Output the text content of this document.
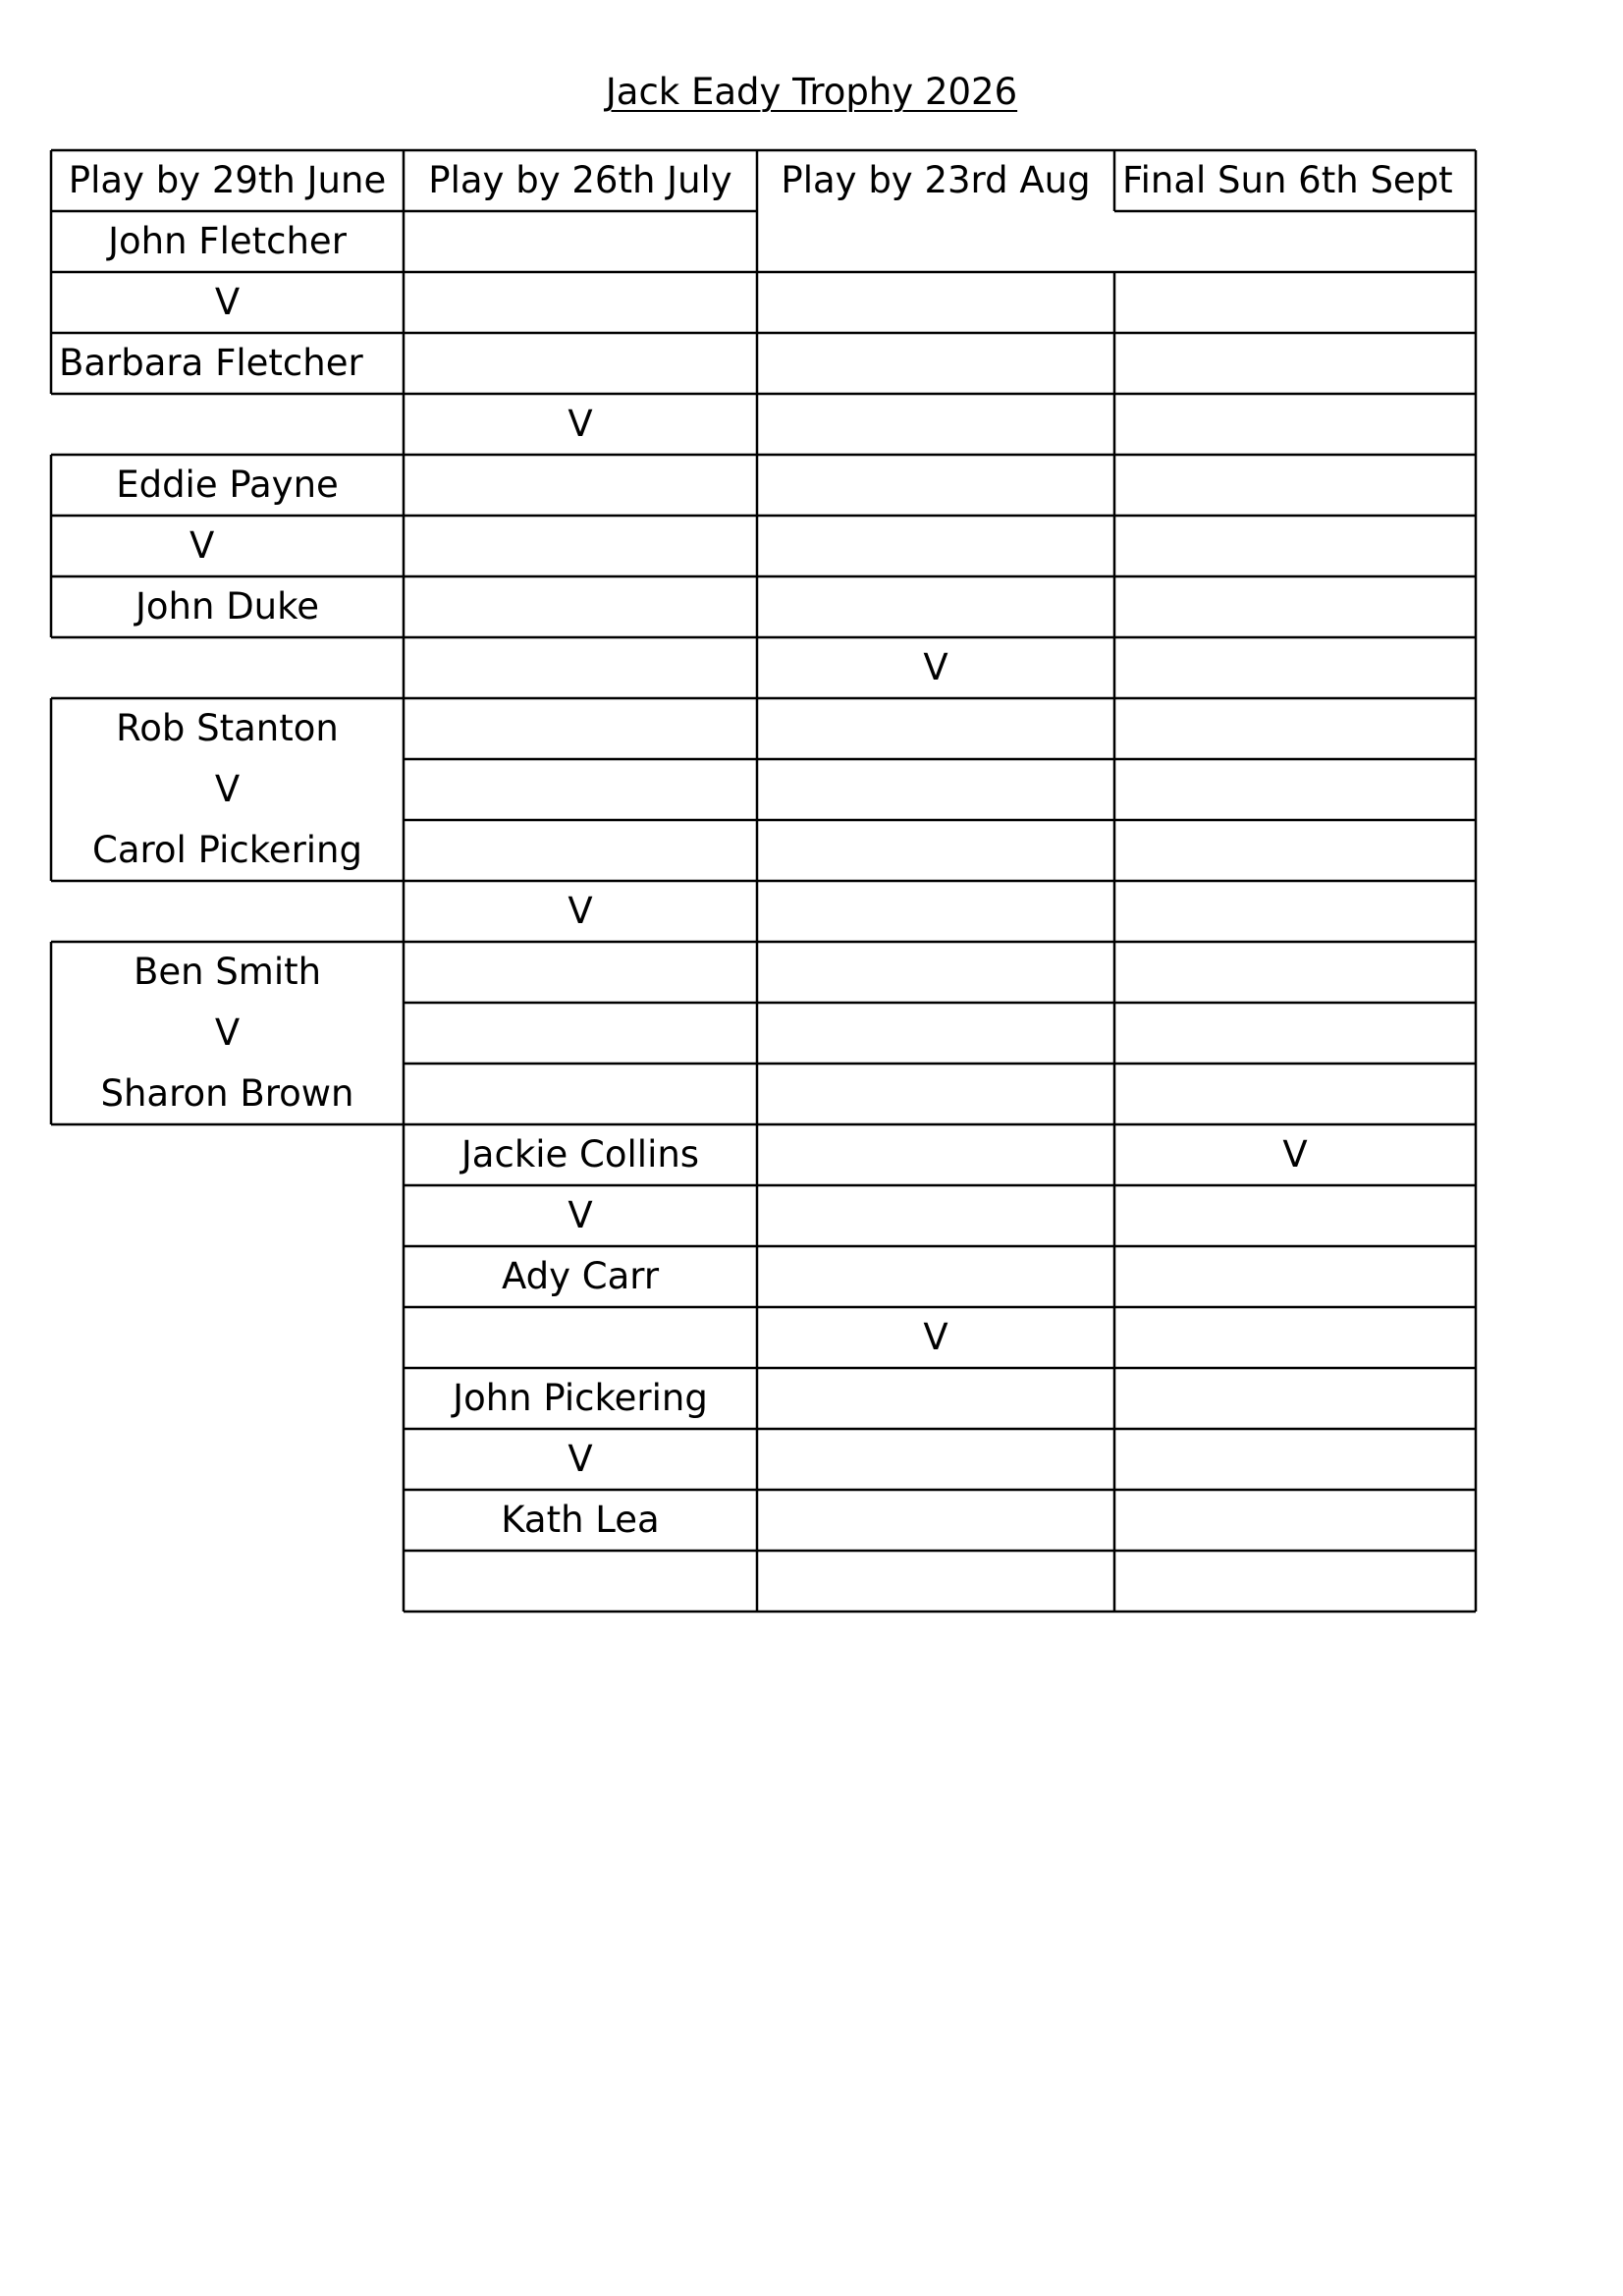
Jack Eady Trophy 2026
Play by 29th June	Play by 26th July	Play by 23rd Aug Final Sun 6th Sept
John Fletcher
V
Barbara Fletcher
Eddie Payne
V
John Duke
Rob Stanton
V
Carol Pickering
Ben Smith
V
Sharon Brown
V
V
Jackie Collins
V
Ady Carr
John Pickering
V
Kath Lea
V
V
V
